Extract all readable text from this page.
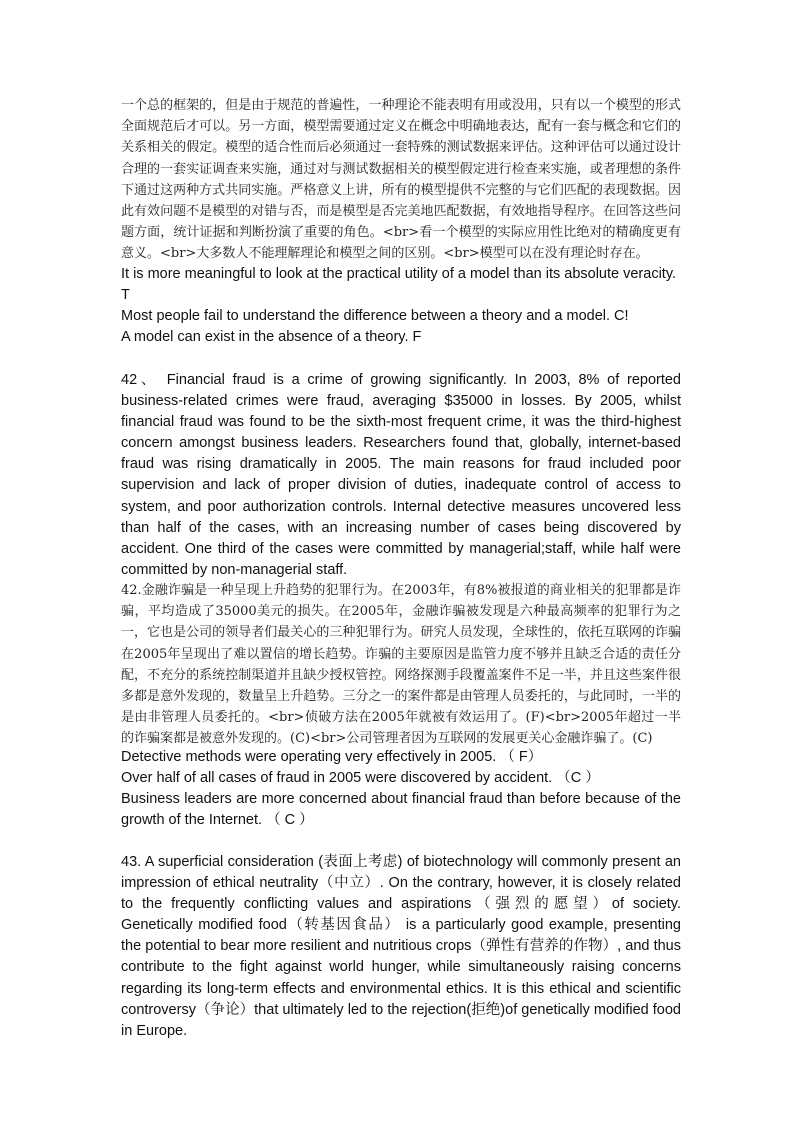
一个总的框架的，但是由于规范的普遍性，一种理论不能表明有用或没用，只有以一个模型的形式全面规范后才可以。另一方面，模型需要通过定义在概念中明确地表达，配有一套与概念和它们的关系相关的假定。模型的适合性而后必须通过一套特殊的测试数据来评估。这种评估可以通过设计合理的一套实证调查来实施，通过对与测试数据相关的模型假定进行检查来实施，或者理想的条件下通过这两种方式共同实施。严格意义上讲，所有的模型提供不完整的与它们匹配的表现数据。因此有效问题不是模型的对错与否，而是模型是否完美地匹配数据，有效地指导程序。在回答这些问题方面，统计证据和判断扮演了重要的角色。<br>看一个模型的实际应用性比绝对的精确度更有意义。<br>大多数人不能理解理论和模型之间的区别。<br>模型可以在没有理论时存在。

It is more meaningful to look at the practical utility of a model than its absolute veracity. T

Most people fail to understand the difference between a theory and a model. C!

A model can exist in the absence of a theory. F

42、 Financial fraud is a crime of growing significantly. In 2003, 8% of reported business-related crimes were fraud, averaging $35000 in losses. By 2005, whilst financial fraud was found to be the sixth-most frequent crime, it was the third-highest concern amongst business leaders. Researchers found that, globally, internet-based fraud was rising dramatically in 2005. The main reasons for fraud included poor supervision and lack of proper division of duties, inadequate control of access to system, and poor authorization controls. Internal detective measures uncovered less than half of the cases, with an increasing number of cases being discovered by accident. One third of the cases were committed by managerial;staff, while half were committed by non-managerial staff.
42.金融诈骗是一种呈现上升趋势的犯罪行为。在2003年，有8%被报道的商业相关的犯罪都是诈骗，平均造成了35000美元的损失。在2005年，金融诈骗被发现是六种最高频率的犯罪行为之一，它也是公司的领导者们最关心的三种犯罪行为。研究人员发现，全球性的，依托互联网的诈骗在2005年呈现出了难以置信的增长趋势。诈骗的主要原因是监管力度不够并且缺乏合适的责任分配，不充分的系统控制渠道并且缺少授权管控。网络探测手段覆盖案件不足一半，并且这些案件很多都是意外发现的，数量呈上升趋势。三分之一的案件都是由管理人员委托的，与此同时，一半的是由非管理人员委托的。<br>侦破方法在2005年就被有效运用了。(F)<br>2005年超过一半的诈骗案都是被意外发现的。(C)<br>公司管理者因为互联网的发展更关心金融诈骗了。(C)

Detective methods were operating very effectively in 2005. （ F）

Over half of all cases of fraud in 2005 were discovered by accident. （C ）

Business leaders are more concerned about financial fraud than before because of the growth of the Internet. （ C ）

43. A superficial consideration (表面上考虑) of biotechnology will commonly present an impression of ethical neutrality（中立）. On the contrary, however, it is closely related to the frequently conflicting values and aspirations（强烈的愿望）of society. Genetically modified food（转基因食品） is a particularly good example, presenting the potential to bear more resilient and nutritious crops（弹性有营养的作物）, and thus contribute to the fight against world hunger, while simultaneously raising concerns regarding its long-term effects and environmental ethics. It is this ethical and scientific controversy（争论）that ultimately led to the rejection(拒绝)of genetically modified food in Europe.
